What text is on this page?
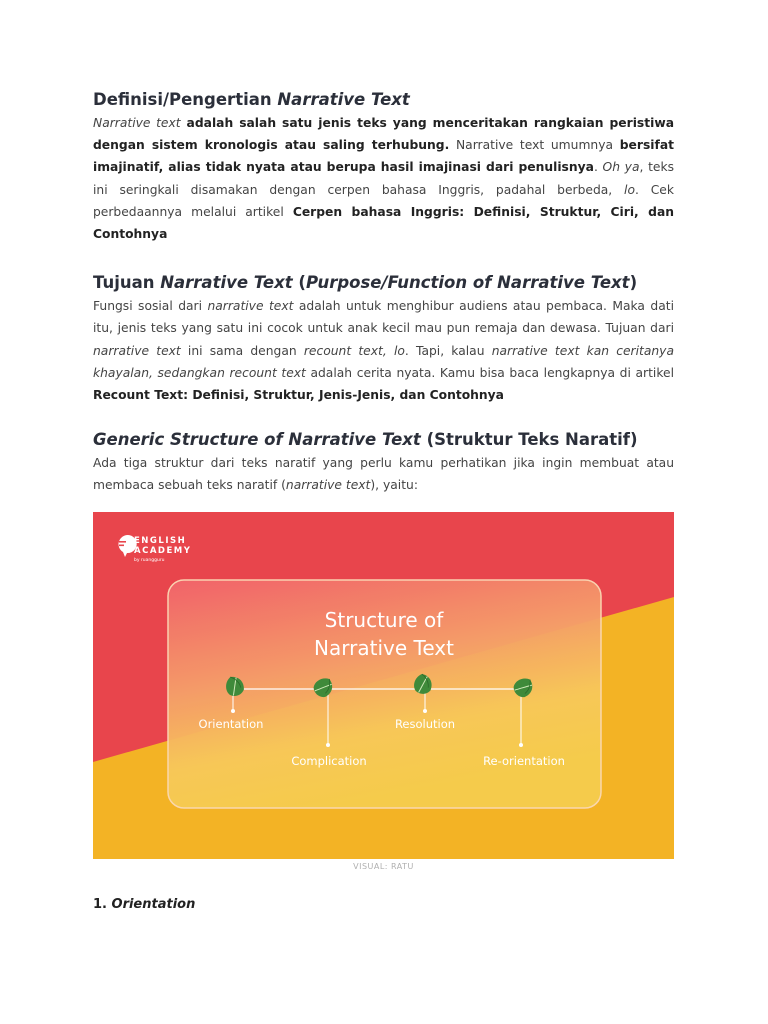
Definisi/Pengertian Narrative Text

Narrative text adalah salah satu jenis teks yang menceritakan rangkaian peristiwa dengan sistem kronologis atau saling terhubung. Narrative text umumnya bersifat imajinatif, alias tidak nyata atau berupa hasil imajinasi dari penulisnya. Oh ya, teks ini seringkali disamakan dengan cerpen bahasa Inggris, padahal berbeda, lo. Cek perbedaannya melalui artikel Cerpen bahasa Inggris: Definisi, Struktur, Ciri, dan Contohnya

Tujuan Narrative Text (Purpose/Function of Narrative Text)

Fungsi sosial dari narrative text adalah untuk menghibur audiens atau pembaca. Maka dati itu, jenis teks yang satu ini cocok untuk anak kecil mau pun remaja dan dewasa. Tujuan dari narrative text ini sama dengan recount text, lo. Tapi, kalau narrative text kan ceritanya khayalan, sedangkan recount text adalah cerita nyata. Kamu bisa baca lengkapnya di artikel Recount Text: Definisi, Struktur, Jenis-Jenis, dan Contohnya

Generic Structure of Narrative Text (Struktur Teks Naratif)

Ada tiga struktur dari teks naratif yang perlu kamu perhatikan jika ingin membuat atau membaca sebuah teks naratif (narrative text), yaitu:

ENGLISH
ACADEMY
by ruangguru
Structure of
Narrative Text
Orientation
Complication
Resolution
Re-orientation
VISUAL: RATU
1. Orientation
